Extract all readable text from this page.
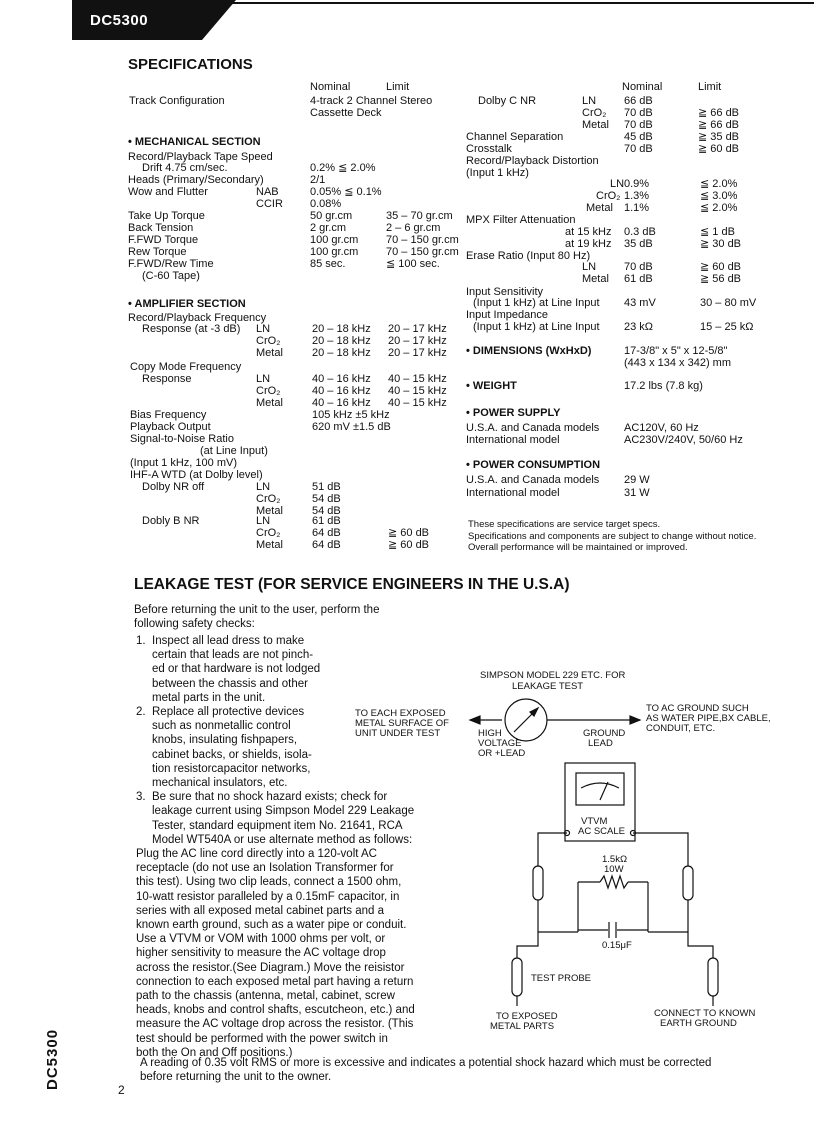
DC5300
SPECIFICATIONS
Nominal	Limit
Track Configuration	4-track 2 Channel Stereo
Cassette Deck
• MECHANICAL SECTION
Record/Playback Tape Speed
Drift 4.75 cm/sec.	0.2% ≦ 2.0%
Heads (Primary/Secondary)	2/1
Wow and Flutter	NAB	0.05% ≦ 0.1%
CCIR 0.08%
Take Up Torque	50 gr.cm	35 – 70 gr.cm
Back Tension	2 gr.cm	2 – 6 gr.cm
F.FWD Torque	100 gr.cm	70 – 150 gr.cm
Rew Torque	100 gr.cm	70 – 150 gr.cm
F.FWD/Rew Time	85 sec.	≦ 100 sec.
(C-60 Tape)
• AMPLIFIER SECTION
Record/Playback Frequency
Response (at -3 dB) LN	20 – 18 kHz 20 – 17 kHz
CrO₂	20 – 18 kHz 20 – 17 kHz
Metal	20 – 18 kHz 20 – 17 kHz
Copy Mode Frequency
Response	LN	40 – 16 kHz 40 – 15 kHz
CrO₂	40 – 16 kHz 40 – 15 kHz
Metal	40 – 16 kHz 40 – 15 kHz
Bias Frequency	105 kHz ±5 kHz
Playback Output	620 mV ±1.5 dB
Signal-to-Noise Ratio
(at Line Input)
(Input 1 kHz, 100 mV)
IHF-A WTD (at Dolby level)
Dolby NR off	LN	51 dB
CrO₂	54 dB
Metal	54 dB
Dobly B NR	LN	61 dB
CrO₂	64 dB	≧ 60 dB
Metal	64 dB	≧ 60 dB
Nominal	Limit
Dolby C NR	LN	66 dB
CrO₂ 70 dB	≧ 66 dB
Metal 70 dB	≧ 66 dB
Channel Separation	45 dB	≧ 35 dB
Crosstalk	70 dB	≧ 60 dB
Record/Playback Distortion
(Input 1 kHz)
LN 0.9%	≦ 2.0%
CrO₂ 1.3%	≦ 3.0%
Metal 1.1%	≦ 2.0%
MPX Filter Attenuation
at 15 kHz 0.3 dB	≦ 1 dB
at 19 kHz 35 dB	≧ 30 dB
Erase Ratio (Input 80 Hz)
LN	70 dB	≧ 60 dB
Metal 61 dB	≧ 56 dB
Input Sensitivity
(Input 1 kHz) at Line Input 43 mV	30 – 80 mV
Input Impedance
(Input 1 kHz) at Line Input 23 kΩ	15 – 25 kΩ
• DIMENSIONS (WxHxD)	17-3/8" x 5" x 12-5/8"
(443 x 134 x 342) mm
• WEIGHT	17.2 lbs (7.8 kg)
• POWER SUPPLY
U.S.A. and Canada models AC120V, 60 Hz
International model	AC230V/240V, 50/60 Hz
• POWER CONSUMPTION
U.S.A. and Canada models 29 W
International model	31 W
These specifications are service target specs.
Specifications and components are subject to change without notice.
Overall performance will be maintained or improved.
LEAKAGE TEST (FOR SERVICE ENGINEERS IN THE U.S.A)
Before returning the unit to the user, perform the
following safety checks:
1. Inspect all lead dress to make
certain that leads are not pinch-
ed or that hardware is not lodged
between the chassis and other
metal parts in the unit.
2. Replace all protective devices
such as nonmetallic control
knobs, insulating fishpapers,
cabinet backs, or shields, isola-
tion resistorcapacitor networks,
mechanical insulators, etc.
3. Be sure that no shock hazard exists; check for
leakage current using Simpson Model 229 Leakage
Tester, standard equipment item No. 21641, RCA
Model WT540A or use alternate method as follows:
Plug the AC line cord directly into a 120-volt AC
receptacle (do not use an Isolation Transformer for
this test). Using two clip leads, connect a 1500 ohm,
10-watt resistor paralleled by a 0.15mF capacitor, in
series with all exposed metal cabinet parts and a
known earth ground, such as a water pipe or conduit.
Use a VTVM or VOM with 1000 ohms per volt, or
higher sensitivity to measure the AC voltage drop
across the resistor.(See Diagram.) Move the reisistor
connection to each exposed metal part having a return
path to the chassis (antenna, metal, cabinet, screw
heads, knobs and control shafts, escutcheon, etc.) and
measure the AC voltage drop across the resistor. (This
test should be performed with the power switch in
both the On and Off positions.)
A reading of 0.35 volt RMS or more is excessive and indicates a potential shock hazard which must be corrected
before returning the unit to the owner.
SIMPSON MODEL 229 ETC. FOR
LEAKAGE TEST
TO EACH EXPOSED
METAL SURFACE OF
UNIT UNDER TEST
TO AC GROUND SUCH
AS WATER PIPE,BX CABLE,
CONDUIT, ETC.
HIGH
VOLTAGE
OR +LEAD
GROUND
LEAD
VTVM
AC SCALE
1.5kΩ
10W
0.15μF
TEST PROBE
TO EXPOSED
METAL PARTS
CONNECT TO KNOWN
EARTH GROUND
DC5300	2
